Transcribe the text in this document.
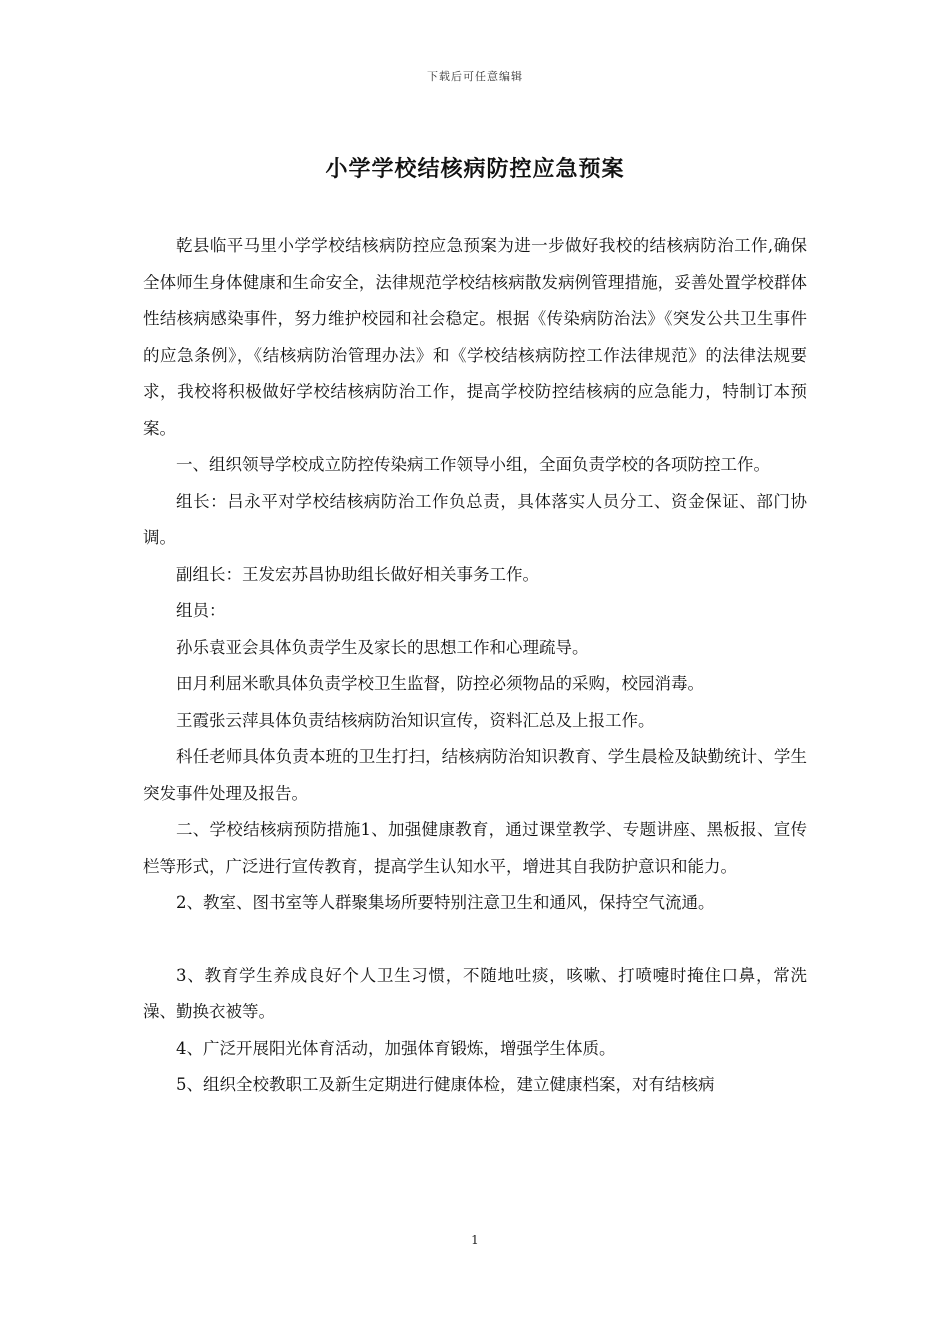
下载后可任意编辑
小学学校结核病防控应急预案

乾县临平马里小学学校结核病防控应急预案为进一步做好我校的结核病防治工作,确保全体师生身体健康和生命安全，法律规范学校结核病散发病例管理措施，妥善处置学校群体性结核病感染事件，努力维护校园和社会稳定。根据《传染病防治法》《突发公共卫生事件的应急条例》，《结核病防治管理办法》和《学校结核病防控工作法律规范》的法律法规要求，我校将积极做好学校结核病防治工作，提高学校防控结核病的应急能力，特制订本预案。

一、组织领导学校成立防控传染病工作领导小组，全面负责学校的各项防控工作。

组长：吕永平对学校结核病防治工作负总责，具体落实人员分工、资金保证、部门协调。

副组长：王发宏苏昌协助组长做好相关事务工作。

组员：

孙乐袁亚会具体负责学生及家长的思想工作和心理疏导。

田月利屈米歌具体负责学校卫生监督，防控必须物品的采购，校园消毒。

王霞张云萍具体负责结核病防治知识宣传，资料汇总及上报工作。

科任老师具体负责本班的卫生打扫，结核病防治知识教育、学生晨检及缺勤统计、学生突发事件处理及报告。

二、学校结核病预防措施1、加强健康教育，通过课堂教学、专题讲座、黑板报、宣传栏等形式，广泛进行宣传教育，提高学生认知水平，增进其自我防护意识和能力。

2、教室、图书室等人群聚集场所要特别注意卫生和通风，保持空气流通。

3、教育学生养成良好个人卫生习惯，不随地吐痰，咳嗽、打喷嚏时掩住口鼻，常洗澡、勤换衣被等。

4、广泛开展阳光体育活动，加强体育锻炼，增强学生体质。

5、组织全校教职工及新生定期进行健康体检，建立健康档案，对有结核病

1
